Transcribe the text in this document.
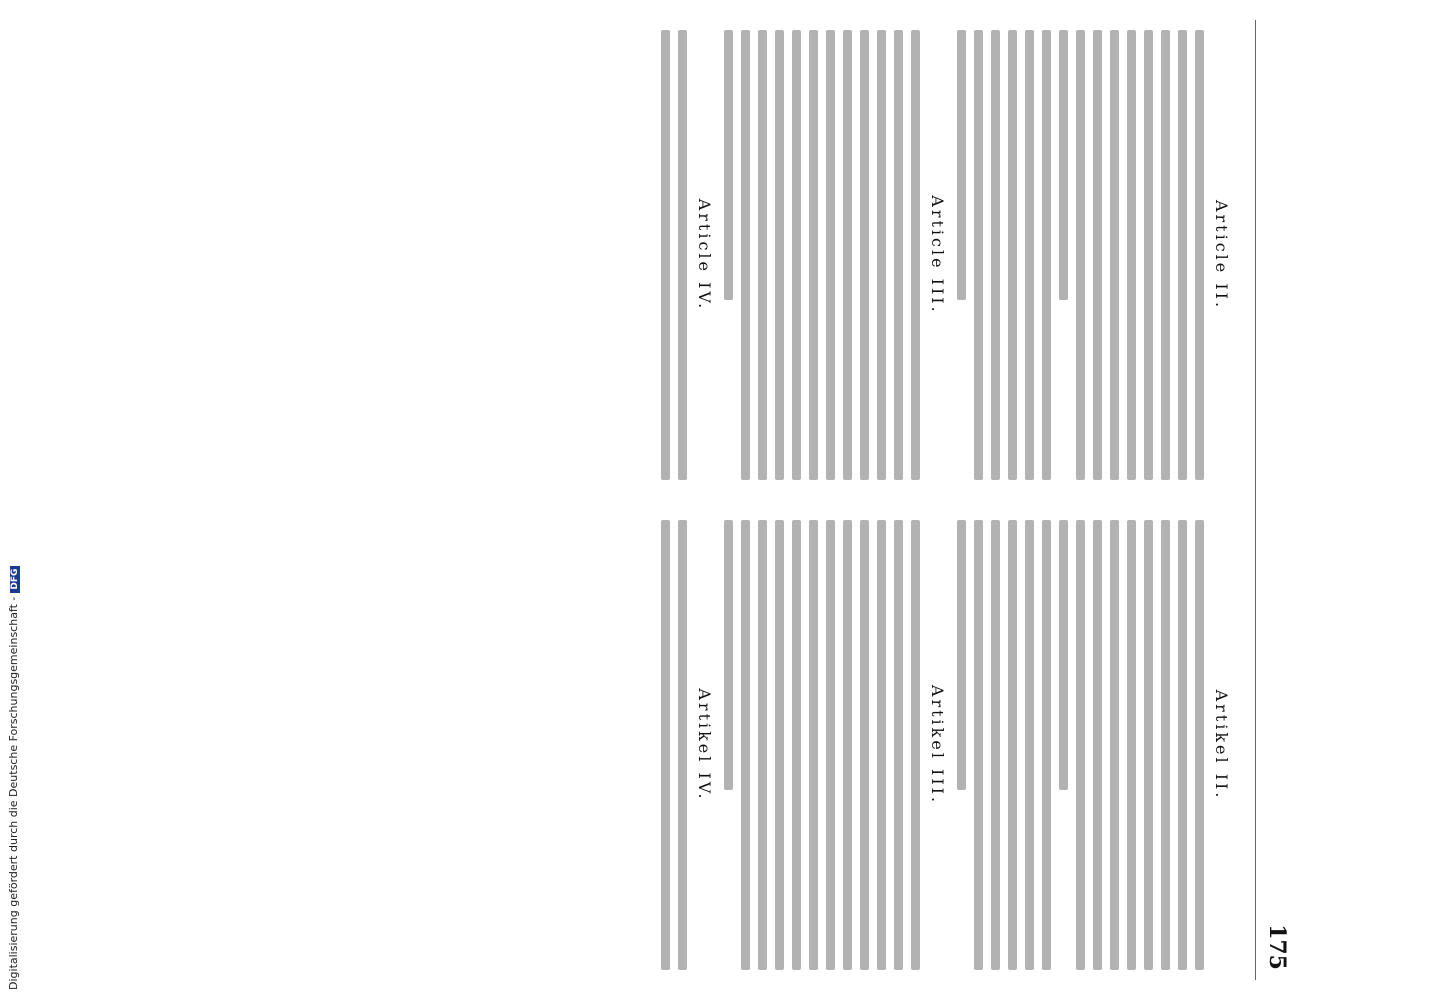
175
Article II.
Article III.
Article IV.
Artikel II.
Artikel III.
Artikel IV.
Digitalisierung gefördert durch die Deutsche Forschungsgemeinschaft -DFG
